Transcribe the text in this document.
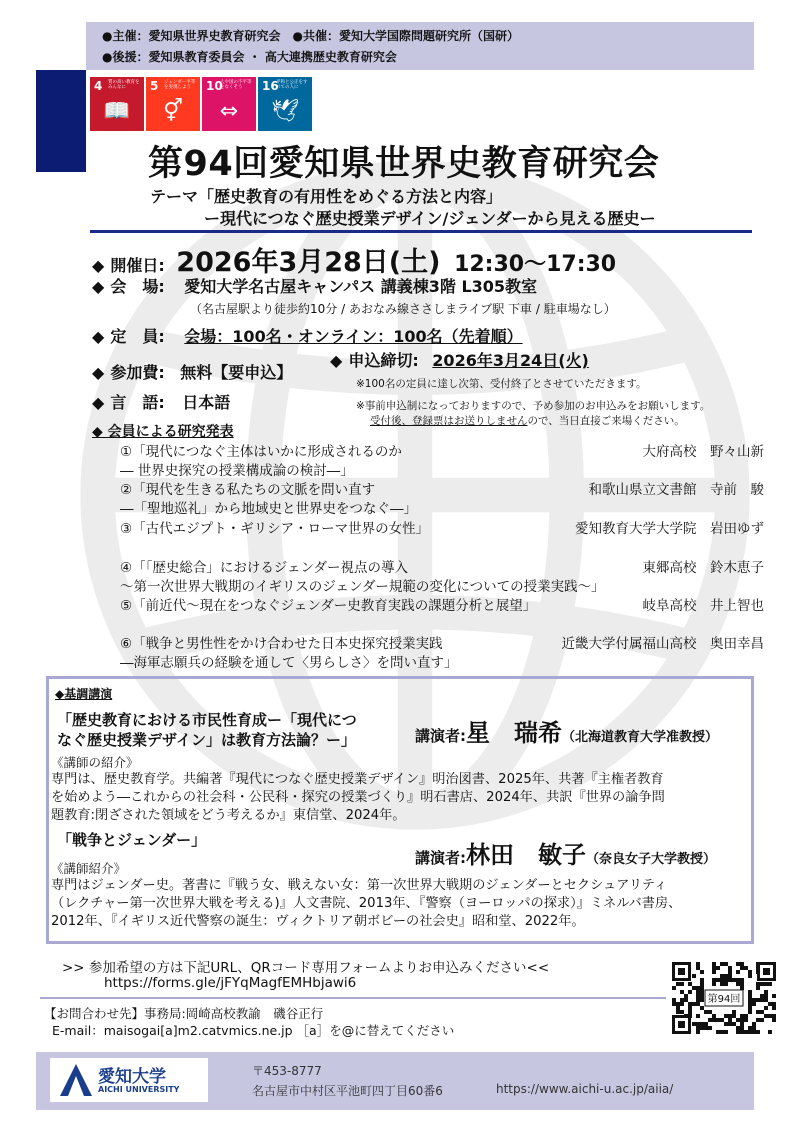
●主催：愛知県世界史教育研究会　●共催：愛知大学国際問題研究所（国研）
●後援：愛知県教育委員会 ・ 高大連携歴史教育研究会
4 質の高い教育をみんなに
📖
5 ジェンダー平等を実現しよう
⚥
10
人や国の不平等をなくそう
⇔
16
平和と公正をすべての人に
🕊
第94回愛知県世界史教育研究会
テーマ「歴史教育の有用性をめぐる方法と内容」
ー現代につなぐ歴史授業デザイン/ジェンダーから見える歴史ー
◆ 開催日: 2026年3月28日(土) 12:30～17:30
◆ 会　場: 愛知大学名古屋キャンパス 講義棟3階 L305教室
（名古屋駅より徒歩約10分 / あおなみ線ささしまライブ駅 下車 / 駐車場なし）
◆ 定　員: 会場：100名・オンライン：100名（先着順）
◆ 参加費: 無料【要申込】
◆ 申込締切: 2026年3月24日(火)
※100名の定員に達し次第、受付終了とさせていただきます。
◆ 言　語: 日本語	※事前申込制になっておりますので、予め参加のお申込みをお願いします。
受付後、登録票はお送りしませんので、当日直接ご来場ください。
◆ 会員による研究発表
①「現代につなぐ主体はいかに形成されるのか
― 世界史探究の授業構成論の検討―」
大府高校　野々山新
②「現代を生きる私たちの文脈を問い直す
―「聖地巡礼」から地域史と世界史をつなぐ―」
和歌山県立文書館　寺前　駿
③「古代エジプト・ギリシア・ローマ世界の女性」	愛知教育大学大学院　岩田ゆず
④「「歴史総合」におけるジェンダー視点の導入
～第一次世界大戦期のイギリスのジェンダー規範の変化についての授業実践～」
東郷高校　鈴木恵子
⑤「前近代～現在をつなぐジェンダー史教育実践の課題分析と展望」	岐阜高校　井上智也
⑥「戦争と男性性をかけ合わせた日本史探究授業実践
―海軍志願兵の経験を通して〈男らしさ〉を問い直す」
近畿大学付属福山高校　奥田幸昌
◆基調講演
「歴史教育における市民性育成ー「現代につ
なぐ歴史授業デザイン」は教育方法論？ー」	講演者:星　瑞希（北海道教育大学准教授）
《講師の紹介》
専門は、歴史教育学。共編著『現代につなぐ歴史授業デザイン』明治図書、2025年、共著『主権者教育
を始めよう―これからの社会科・公民科・探究の授業づくり』明石書店、2024年、共訳『世界の論争問
題教育:閉ざされた領域をどう考えるか』東信堂、2024年。
「戦争とジェンダー」
講演者:林田　敏子（奈良女子大学教授）
《講師紹介》
専門はジェンダー史。著書に『戦う女、戦えない女：第一次世界大戦期のジェンダーとセクシュアリティ
（レクチャー第一次世界大戦を考える)』人文書院、2013年、『警察（ヨーロッパの探求）』ミネルバ書房、
2012年、『イギリス近代警察の誕生：ヴィクトリア朝ボビーの社会史』昭和堂、2022年。
>> 参加希望の方は下記URL、QRコード専用フォームよりお申込みください<<
https://forms.gle/jFYqMagfEMHbjawi6
第94回
【お問合わせ先】事務局:岡崎高校教諭　磯谷正行
E-mail：maisogai[a]m2.catvmics.ne.jp ［a］を@に替えてください
〒453-8777
名古屋市中村区平池町四丁目60番6	https://www.aichi-u.ac.jp/aiia/
愛知大学
AICHI UNIVERSITY
